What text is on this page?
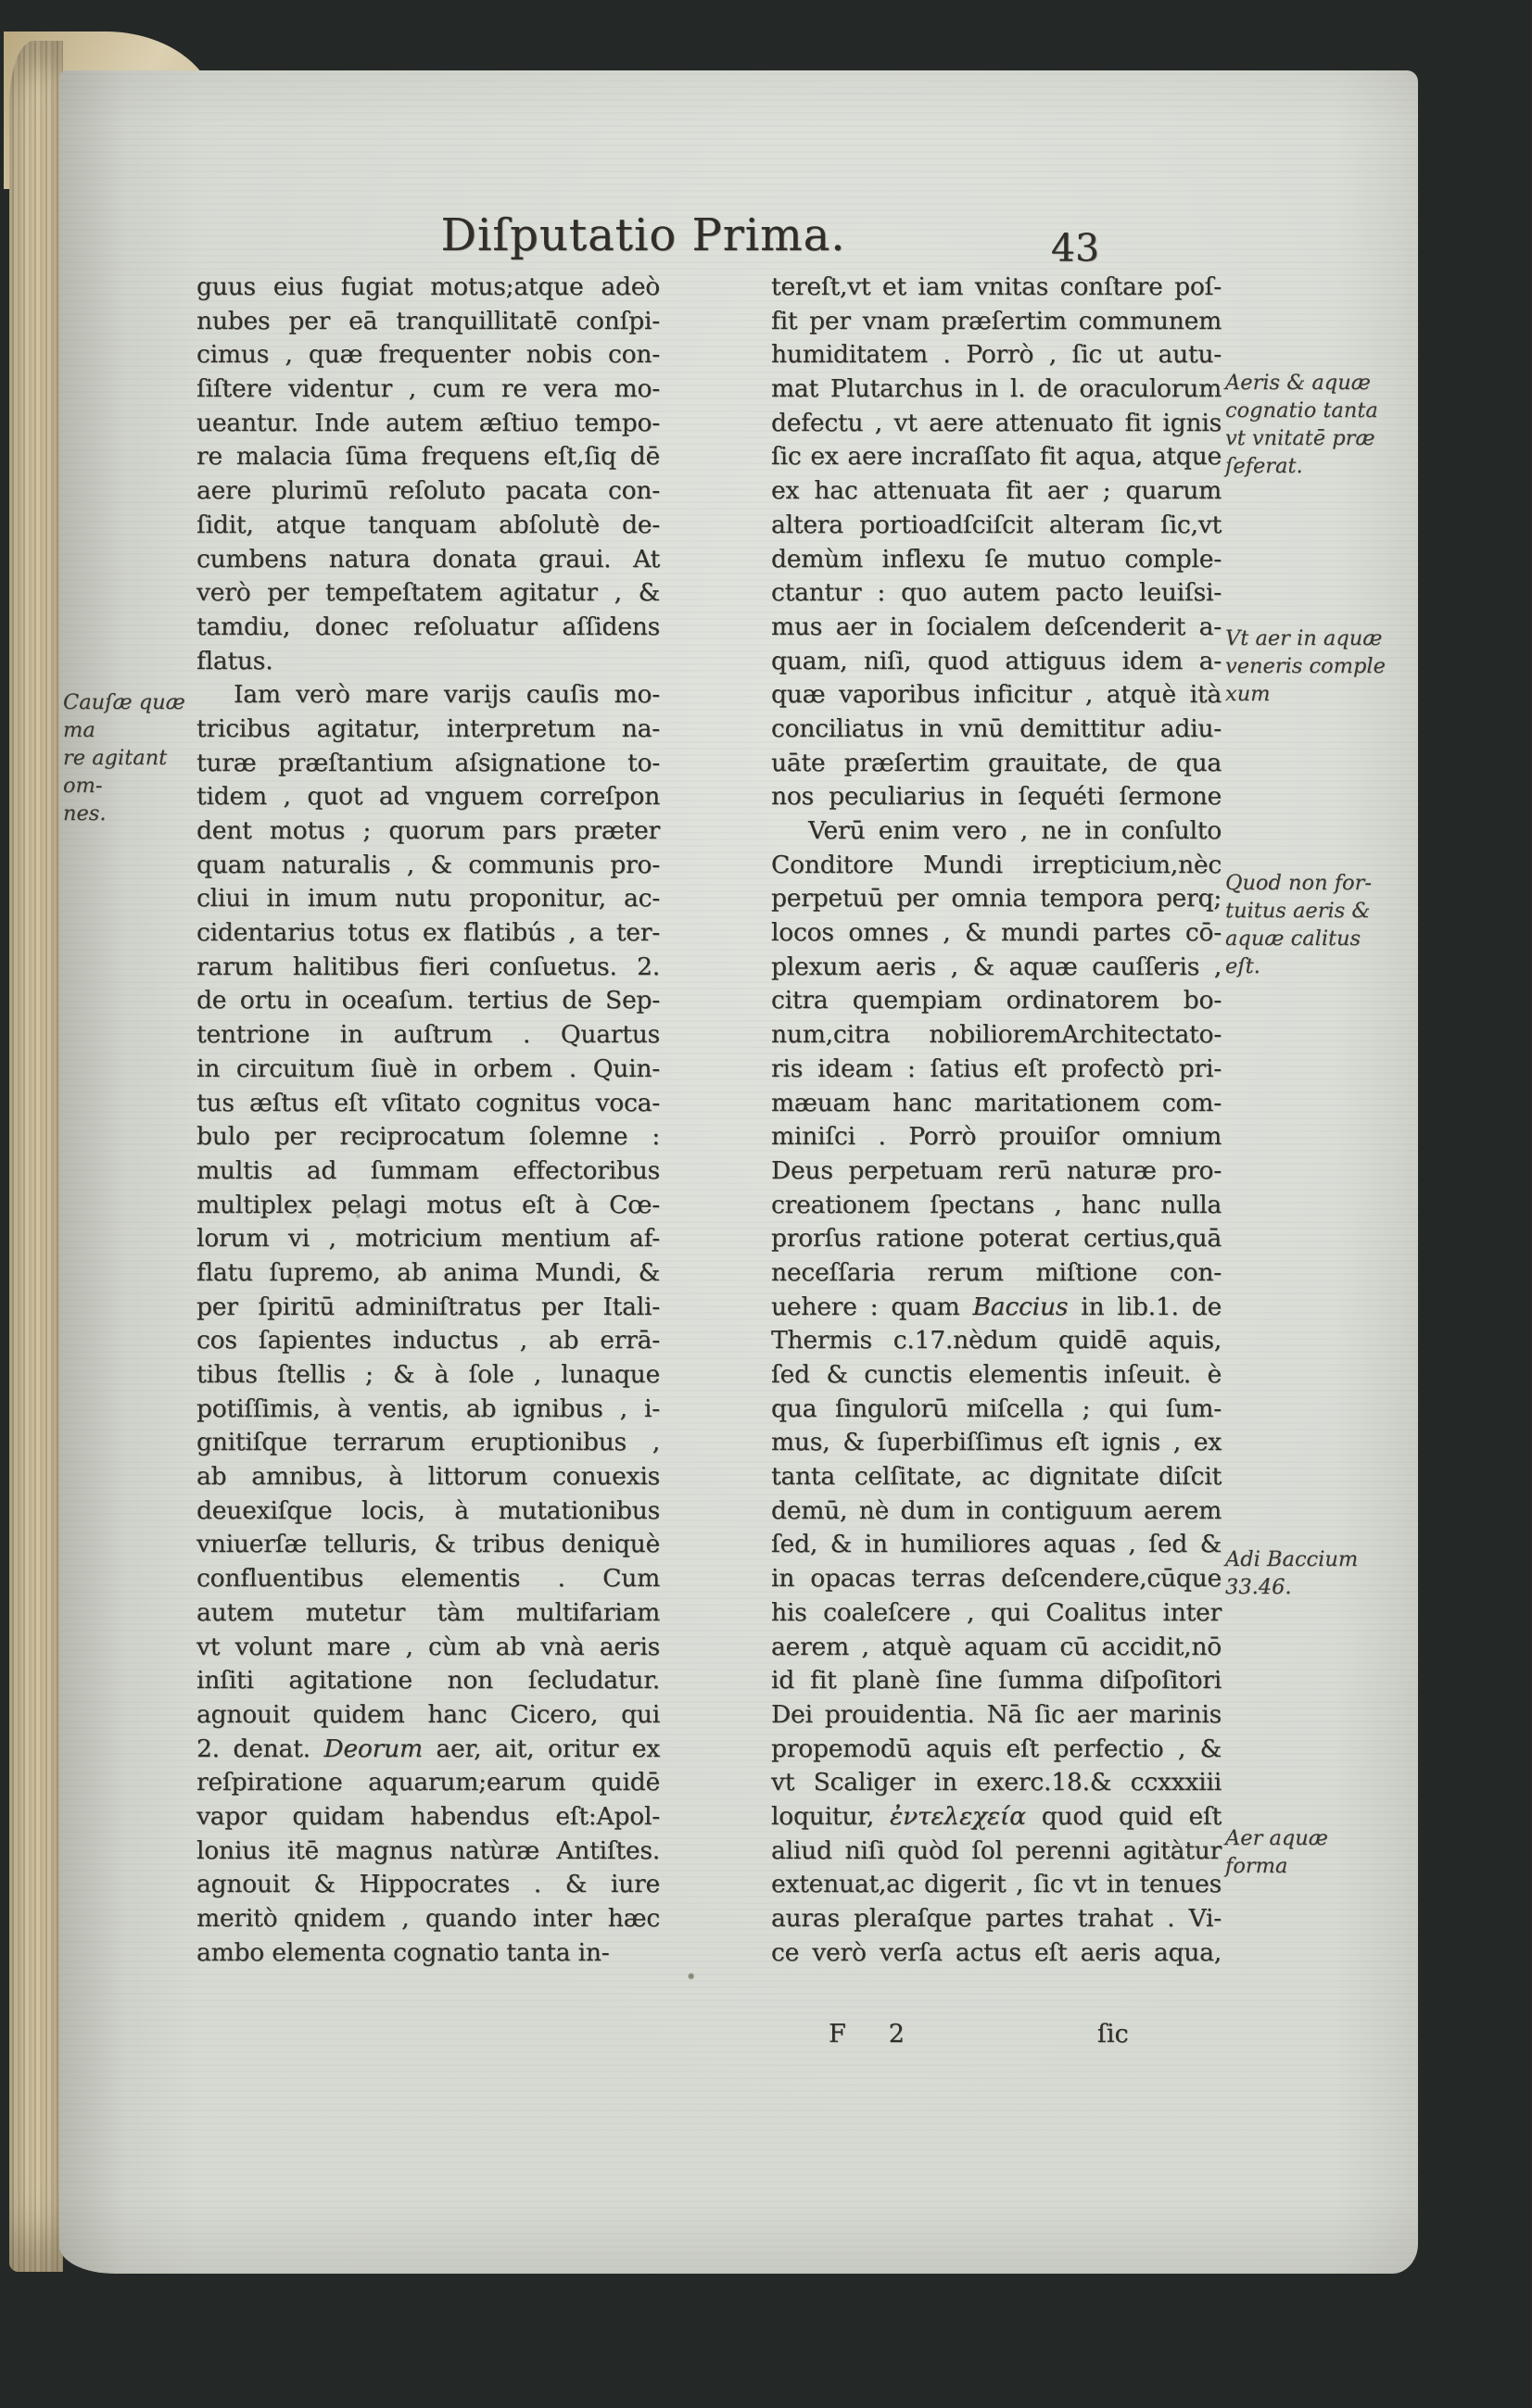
Diſputatio Prima.	43
guus eius fugiat motus;atque adeò
nubes per eā tranquillitatē conſpi-
cimus , quæ frequenter nobis con-
ſiſtere videntur , cum re vera mo-
ueantur. Inde autem æſtiuo tempo-
re malacia ſūma frequens eſt,ſiq dē
aere plurimū reſoluto pacata con-
ſidit, atque tanquam abſolutè de-
cumbens natura donata graui. At
verò per tempeſtatem agitatur , &
tamdiu, donec reſoluatur aſſidens
flatus.
Iam verò mare varijs cauſis mo-
tricibus agitatur, interpretum na-
turæ præſtantium aſsignatione to-
tidem , quot ad vnguem correſpon
dent motus ; quorum pars præter
quam naturalis , & communis pro-
cliui in imum nutu proponitur, ac-
cidentarius totus ex flatibús , a ter-
rarum halitibus fieri conſuetus. 2.
de ortu in oceaſum. tertius de Sep-
tentrione in auſtrum . Quartus
in circuitum ſiuè in orbem . Quin-
tus æſtus eſt vſitato cognitus voca-
bulo per reciprocatum ſolemne :
multis ad ſummam effectoribus
multiplex pelagi motus eſt à Cœ-
lorum vi , motricium mentium af-
flatu ſupremo, ab anima Mundi, &
per ſpiritū adminiſtratus per Itali-
cos ſapientes inductus , ab errā-
tibus ſtellis ; & à ſole , lunaque
potiſſimis, à ventis, ab ignibus , i-
gnitiſque terrarum eruptionibus ,
ab amnibus, à littorum conuexis
deuexiſque locis, à mutationibus
vniuerſæ telluris, & tribus deniquè
confluentibus elementis . Cum
autem mutetur tàm multifariam
vt volunt mare , cùm ab vnà aeris
inſiti agitatione non ſecludatur.
agnouit quidem hanc Cicero, qui
2. denat. Deorum aer, ait, oritur ex
reſpiratione aquarum;earum quidē
vapor quidam habendus eſt:Apol-
lonius itē magnus natùræ Antiſtes.
agnouit & Hippocrates . & iure
meritò qnidem , quando inter hæc
ambo elementa cognatio tanta in-
tereſt,vt et iam vnitas conſtare poſ-
fit per vnam præſertim communem
humiditatem . Porrò , ſic ut autu-
mat Plutarchus in l. de oraculorum
defectu , vt aere attenuato fit ignis
ſic ex aere incraſſato fit aqua, atque
ex hac attenuata fit aer ; quarum
altera portioadſciſcit alteram ſic,vt
demùm inflexu ſe mutuo comple-
ctantur : quo autem pacto leuiſsi-
mus aer in ſocialem deſcenderit a-
quam, niſi, quod attiguus idem a-
quæ vaporibus inficitur , atquè ità
conciliatus in vnū demittitur adiu-
uāte præſertim grauitate, de qua
nos peculiarius in ſequéti ſermone
Verū enim vero , ne in conſulto
Conditore Mundi irrepticium,nèc
perpetuū per omnia tempora perq;
locos omnes , & mundi partes cō-
plexum aeris , & aquæ cauſſeris ,
citra quempiam ordinatorem bo-
num,citra nobilioremArchitectato-
ris ideam : ſatius eſt profectò pri-
mæuam hanc maritationem com-
miniſci . Porrò prouiſor omnium
Deus perpetuam rerū naturæ pro-
creationem ſpectans , hanc nulla
prorſus ratione poterat certius,quā
neceſſaria rerum miſtione con-
uehere : quam Baccius in lib.1. de
Thermis c.17.nèdum quidē aquis,
ſed & cunctis elementis inſeuit. è
qua ſingulorū miſcella ; qui ſum-
mus, & ſuperbiſſimus eſt ignis , ex
tanta celſitate, ac dignitate diſcit
demū, nè dum in contiguum aerem
ſed, & in humiliores aquas , ſed &
in opacas terras deſcendere,cūque
his coaleſcere , qui Coalitus inter
aerem , atquè aquam cū accidit,nō
id fit planè ſine ſumma diſpoſitori
Dei prouidentia. Nā ſic aer marinis
propemodū aquis eſt perfectio , &
vt Scaliger in exerc.18.& ccxxxiii
loquitur, ἐντελεχεία quod quid eſt
aliud niſi quòd ſol perenni agitàtur
extenuat,ac digerit , ſic vt in tenues
auras pleraſque partes trahat . Vi-
ce verò verſa actus eſt aeris aqua,
F 2	ſic
Cauſæ quæ ma
re agitant om-
nes.
Aeris & aquæ
cognatio tanta
vt vnitatē præ
ſeferat.
Vt aer in aquæ
veneris comple
xum
Quod non for-
tuitus aeris &
aquæ calitus
eſt.
Adi Baccium
33.46.
Aer aquæ
forma
